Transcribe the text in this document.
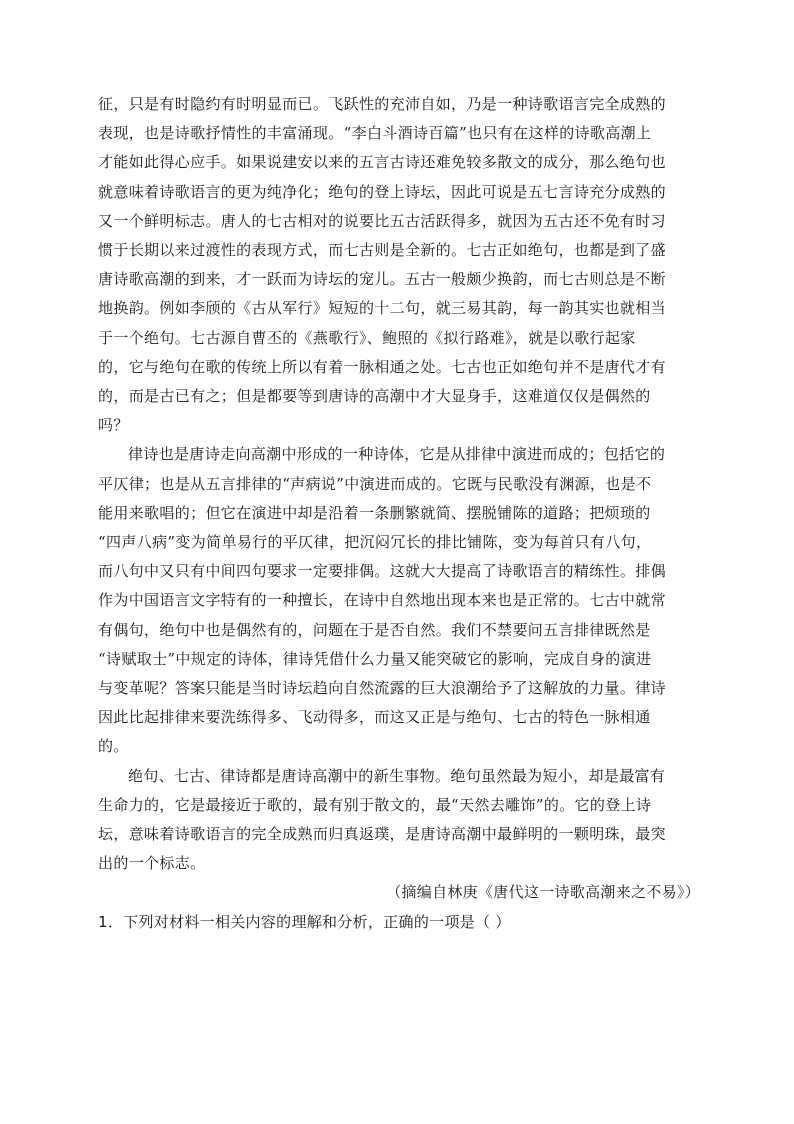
征，只是有时隐约有时明显而已。飞跃性的充沛自如，乃是一种诗歌语言完全成熟的
表现，也是诗歌抒情性的丰富涌现。“李白斗酒诗百篇”也只有在这样的诗歌高潮上
才能如此得心应手。如果说建安以来的五言古诗还难免较多散文的成分，那么绝句也
就意味着诗歌语言的更为纯净化；绝句的登上诗坛，因此可说是五七言诗充分成熟的
又一个鲜明标志。唐人的七古相对的说要比五古活跃得多，就因为五古还不免有时习
惯于长期以来过渡性的表现方式，而七古则是全新的。七古正如绝句，也都是到了盛
唐诗歌高潮的到来，才一跃而为诗坛的宠儿。五古一般颇少换韵，而七古则总是不断
地换韵。例如李颀的《古从军行》短短的十二句，就三易其韵，每一韵其实也就相当
于一个绝句。七古源自曹丕的《燕歌行》、鲍照的《拟行路难》，就是以歌行起家
的，它与绝句在歌的传统上所以有着一脉相通之处。七古也正如绝句并不是唐代才有
的，而是古已有之；但是都要等到唐诗的高潮中才大显身手，这难道仅仅是偶然的
吗？
律诗也是唐诗走向高潮中形成的一种诗体，它是从排律中演进而成的；包括它的
平仄律；也是从五言排律的“声病说”中演进而成的。它既与民歌没有渊源，也是不
能用来歌唱的；但它在演进中却是沿着一条删繁就简、摆脱铺陈的道路；把烦琐的
“四声八病”变为简单易行的平仄律，把沉闷冗长的排比铺陈，变为每首只有八句，
而八句中又只有中间四句要求一定要排偶。这就大大提高了诗歌语言的精练性。排偶
作为中国语言文字特有的一种擅长，在诗中自然地出现本来也是正常的。七古中就常
有偶句，绝句中也是偶然有的，问题在于是否自然。我们不禁要问五言排律既然是
“诗赋取士”中规定的诗体，律诗凭借什么力量又能突破它的影响，完成自身的演进
与变革呢？答案只能是当时诗坛趋向自然流露的巨大浪潮给予了这解放的力量。律诗
因此比起排律来要洗练得多、飞动得多，而这又正是与绝句、七古的特色一脉相通
的。
绝句、七古、律诗都是唐诗高潮中的新生事物。绝句虽然最为短小，却是最富有
生命力的，它是最接近于歌的，最有别于散文的，最“天然去雕饰”的。它的登上诗
坛，意味着诗歌语言的完全成熟而归真返璞，是唐诗高潮中最鲜明的一颗明珠，最突
出的一个标志。
（摘编自林庚《唐代这一诗歌高潮来之不易》）
1．下列对材料一相关内容的理解和分析，正确的一项是（ ）
